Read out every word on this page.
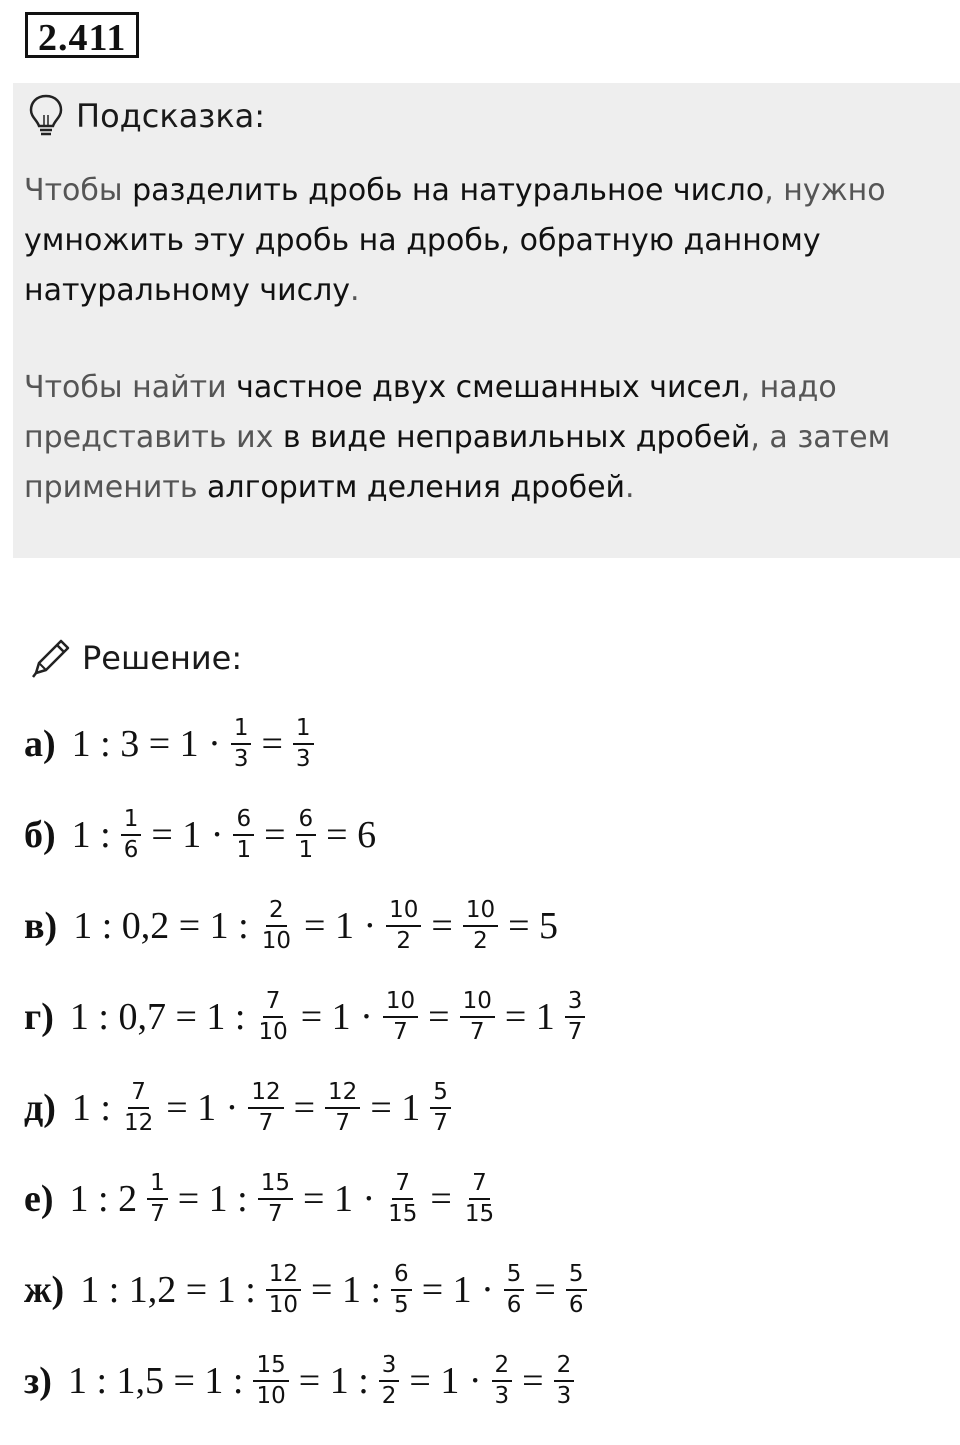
2.411
Подсказка:
Чтобы разделить дробь на натуральное число, нужно умножить эту дробь на дробь, обратную данному натуральному числу.
Чтобы найти частное двух смешанных чисел, надо представить их в виде неправильных дробей, а затем применить алгоритм деления дробей.
Решение:
а) 1 : $3 = 1 \cdot \frac{1}{3} = \frac{1}{3}$
б) 1 : $\frac{1}{6} = 1 \cdot \frac{6}{1} = \frac{6}{1} = 6$
в) 1 : 0,2 = 1 : $\frac{2}{10} = 1 \cdot \frac{10}{2} = \frac{10}{2} = 5$
г) 1 : 0,7 = 1 : $\frac{7}{10} = 1 \cdot \frac{10}{7} = \frac{10}{7} = 1 \frac{3}{7}$
д) 1 : $\frac{7}{12} = 1 \cdot \frac{12}{7} = \frac{12}{7} = 1 \frac{5}{7}$
е) 1 : $2 \frac{1}{7} = 1$ : $\frac{15}{7} = 1 \cdot \frac{7}{15} = \frac{7}{15}$
ж) 1 : 1,2 = 1 : $\frac{12}{10} = 1$ : $\frac{6}{5} = 1 \cdot \frac{5}{6} = \frac{5}{6}$
з) 1 : 1,5 = 1 : $\frac{15}{10} = 1$ : $\frac{3}{2} = 1 \cdot \frac{2}{3} = \frac{2}{3}$
